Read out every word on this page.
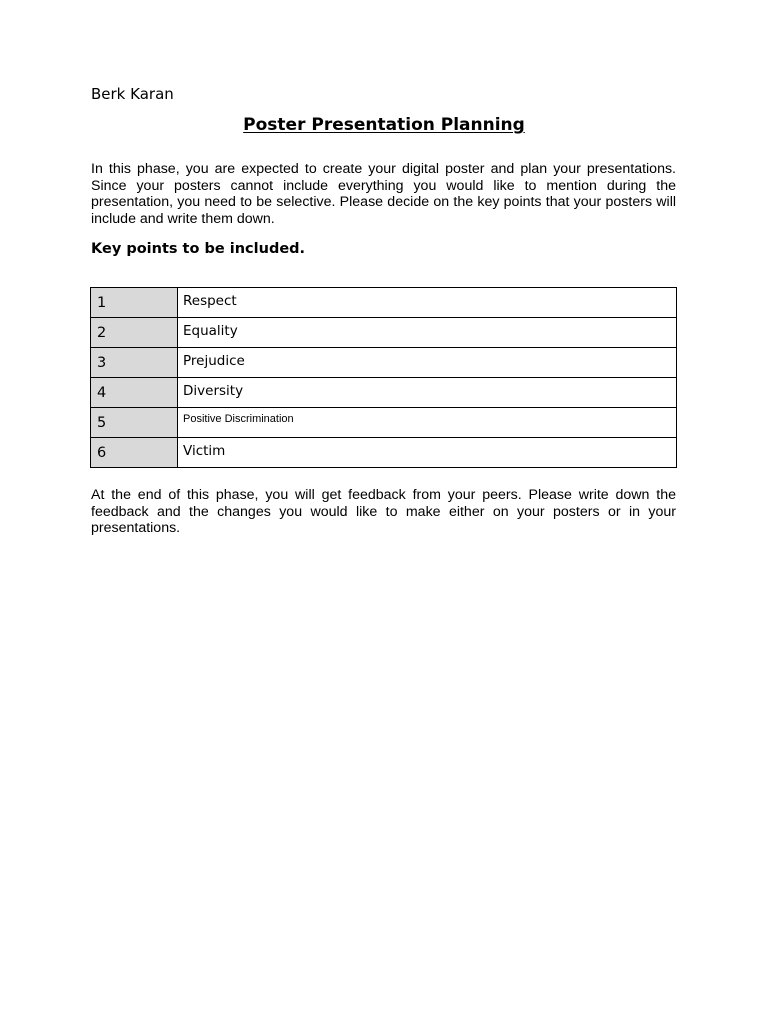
Berk Karan
Poster Presentation Planning
In this phase, you are expected to create your digital poster and plan your presentations. Since your posters cannot include everything you would like to mention during the presentation, you need to be selective. Please decide on the key points that your posters will include and write them down.
Key points to be included.
1	Respect
2	Equality
3	Prejudice
4	Diversity
5	Positive Discrimination
6	Victim
At the end of this phase, you will get feedback from your peers. Please write down the feedback and the changes you would like to make either on your posters or in your presentations.
